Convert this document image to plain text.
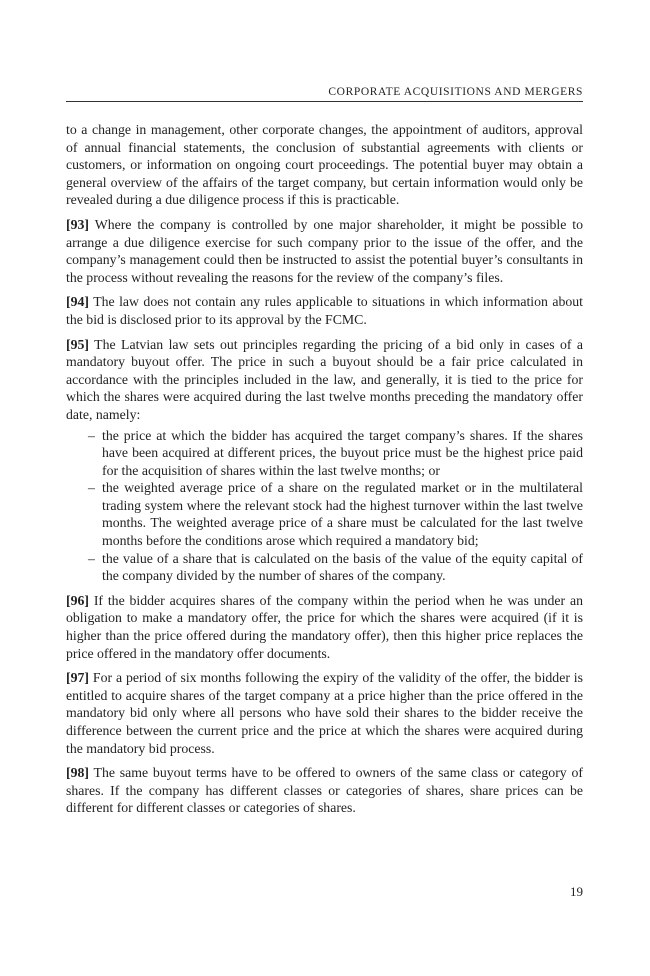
CORPORATE ACQUISITIONS AND MERGERS

to a change in management, other corporate changes, the appointment of auditors, approval of annual financial statements, the conclusion of substantial agreements with clients or customers, or information on ongoing court proceedings. The potential buyer may obtain a general overview of the affairs of the target company, but certain information would only be revealed during a due diligence process if this is practicable.

[93] Where the company is controlled by one major shareholder, it might be possible to arrange a due diligence exercise for such company prior to the issue of the offer, and the company’s management could then be instructed to assist the potential buyer’s consultants in the process without revealing the reasons for the review of the company’s files.

[94] The law does not contain any rules applicable to situations in which information about the bid is disclosed prior to its approval by the FCMC.

[95] The Latvian law sets out principles regarding the pricing of a bid only in cases of a mandatory buyout offer. The price in such a buyout should be a fair price calculated in accordance with the principles included in the law, and generally, it is tied to the price for which the shares were acquired during the last twelve months preceding the mandatory offer date, namely:

– the price at which the bidder has acquired the target company’s shares. If the shares have been acquired at different prices, the buyout price must be the highest price paid for the acquisition of shares within the last twelve months; or
– the weighted average price of a share on the regulated market or in the multilateral trading system where the relevant stock had the highest turnover within the last twelve months. The weighted average price of a share must be calculated for the last twelve months before the conditions arose which required a mandatory bid;
– the value of a share that is calculated on the basis of the value of the equity capital of the company divided by the number of shares of the company.

[96] If the bidder acquires shares of the company within the period when he was under an obligation to make a mandatory offer, the price for which the shares were acquired (if it is higher than the price offered during the mandatory offer), then this higher price replaces the price offered in the mandatory offer documents.

[97] For a period of six months following the expiry of the validity of the offer, the bidder is entitled to acquire shares of the target company at a price higher than the price offered in the mandatory bid only where all persons who have sold their shares to the bidder receive the difference between the current price and the price at which the shares were acquired during the mandatory bid process.

[98] The same buyout terms have to be offered to owners of the same class or category of shares. If the company has different classes or categories of shares, share prices can be different for different classes or categories of shares.

19
